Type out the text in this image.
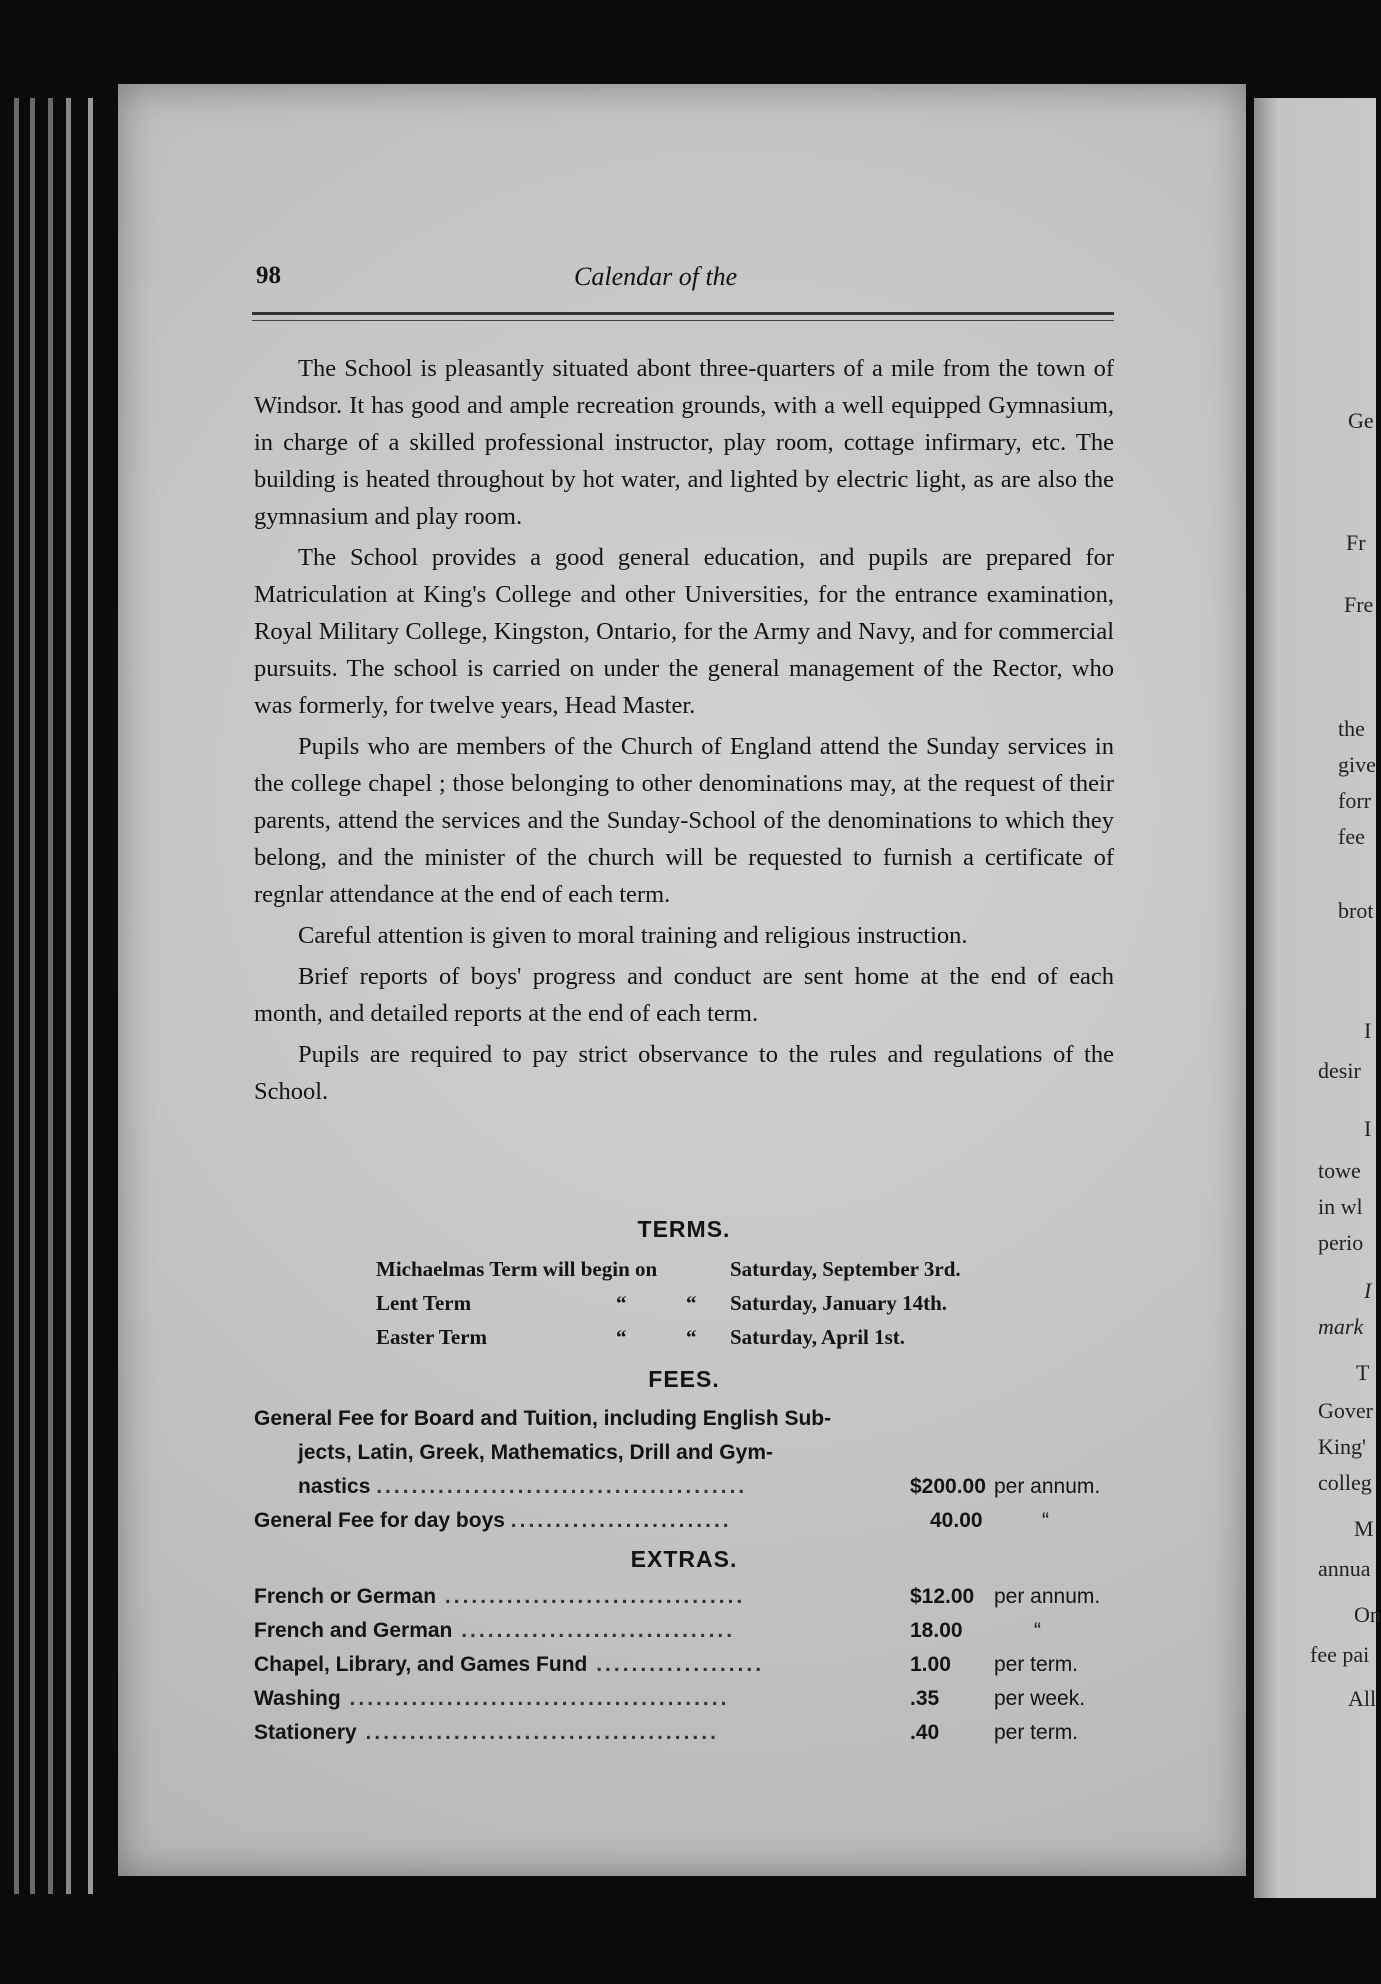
Ge
Fr
Fre
the
give
forr
fee
brot
I
desir
I
towe
in wl
perio
I
mark
T
Gover
King'
colleg
M
annua
On
fee pai
All
98	Calendar of the

The School is pleasantly situated abont three-quarters of a mile from the town of Windsor. It has good and ample recreation grounds, with a well equipped Gymnasium, in charge of a skilled professional instructor, play room, cottage infirmary, etc. The building is heated throughout by hot water, and lighted by electric light, as are also the gymnasium and play room.

The School provides a good general education, and pupils are prepared for Matriculation at King's College and other Universities, for the entrance examination, Royal Military College, Kingston, Ontario, for the Army and Navy, and for commercial pursuits. The school is carried on under the general management of the Rector, who was formerly, for twelve years, Head Master.

Pupils who are members of the Church of England attend the Sunday services in the college chapel ; those belonging to other denominations may, at the request of their parents, attend the services and the Sunday-School of the denominations to which they belong, and the minister of the church will be requested to furnish a certificate of regnlar attendance at the end of each term.

Careful attention is given to moral training and religious instruction.

Brief reports of boys' progress and conduct are sent home at the end of each month, and detailed reports at the end of each term.

Pupils are required to pay strict observance to the rules and regulations of the School.

TERMS.
Michaelmas Term will begin on	Saturday, September 3rd.
Lent Term	“	“ Saturday, January 14th.
Easter Term	“	“ Saturday, April 1st.
FEES.
General Fee for Board and Tuition, including English Sub-
jects, Latin, Greek, Mathematics, Drill and Gym-
nastics ..........................................	$200.00 per annum.
General Fee for day boys .........................	40.00	“
EXTRAS.
French or German ..................................	$12.00 per annum.
French and German ...............................	18.00	“
Chapel, Library, and Games Fund ...................	1.00 per term.
Washing ...........................................	.35	per week.
Stationery ........................................	.40	per term.
